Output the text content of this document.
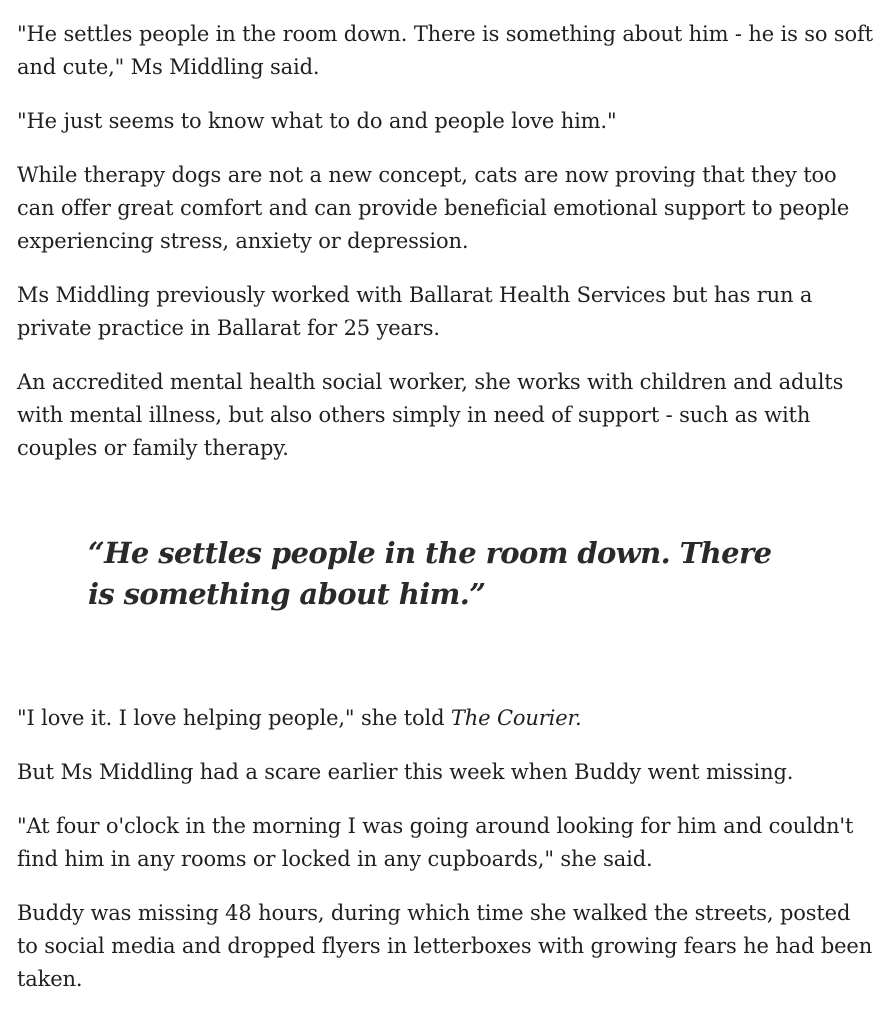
"He settles people in the room down. There is something about him - he is so soft and cute," Ms Middling said.

"He just seems to know what to do and people love him."

While therapy dogs are not a new concept, cats are now proving that they too can offer great comfort and can provide beneficial emotional support to people experiencing stress, anxiety or depression.

Ms Middling previously worked with Ballarat Health Services but has run a private practice in Ballarat for 25 years.

An accredited mental health social worker, she works with children and adults with mental illness, but also others simply in need of support - such as with couples or family therapy.

“He settles people in the room down. There is something about him.”

"I love it. I love helping people," she told The Courier.

But Ms Middling had a scare earlier this week when Buddy went missing.

"At four o'clock in the morning I was going around looking for him and couldn't find him in any rooms or locked in any cupboards," she said.

Buddy was missing 48 hours, during which time she walked the streets, posted to social media and dropped flyers in letterboxes with growing fears he had been taken.
